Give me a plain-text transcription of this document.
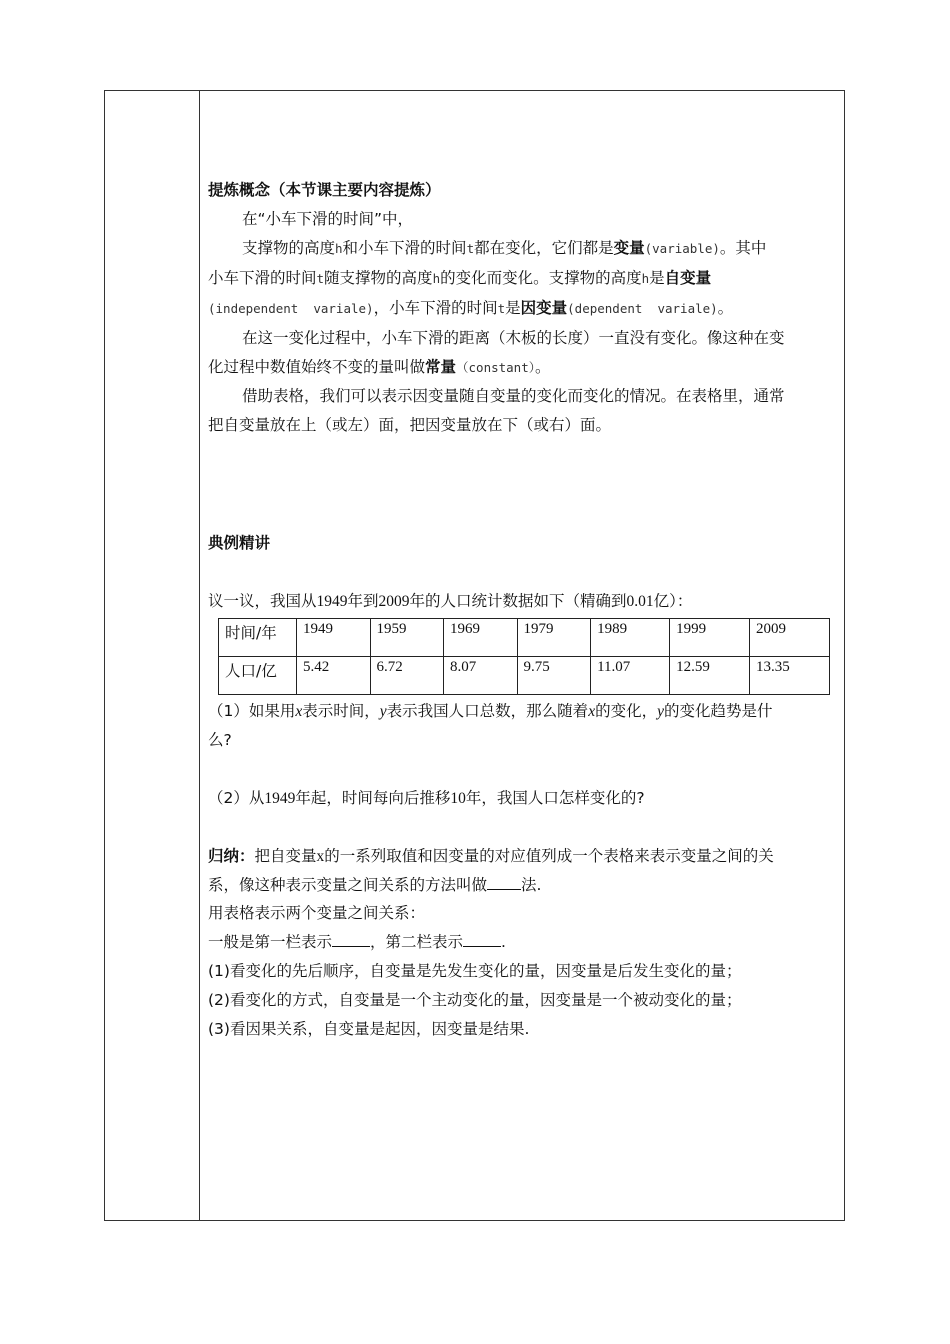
提炼概念（本节课主要内容提炼）
在“小车下滑的时间”中，
支撑物的高度h和小车下滑的时间t都在变化，它们都是变量(variable)。其中
小车下滑的时间t随支撑物的高度h的变化而变化。支撑物的高度h是自变量
(independent  variale)，小车下滑的时间t是因变量(dependent  variale)。
在这一变化过程中，小车下滑的距离（木板的长度）一直没有变化。像这种在变
化过程中数值始终不变的量叫做常量（constant）。
借助表格，我们可以表示因变量随自变量的变化而变化的情况。在表格里，通常
把自变量放在上（或左）面，把因变量放在下（或右）面。
典例精讲
议一议，我国从1949年到2009年的人口统计数据如下（精确到0.01亿）：
时间/年	1949	1959	1969	1979	1989	1999	2009
人口/亿	5.42	6.72	8.07	9.75	11.07	12.59	13.35
（1）如果用x表示时间，y表示我国人口总数，那么随着x的变化，y的变化趋势是什
么?
（2）从1949年起，时间每向后推移10年，我国人口怎样变化的?
归纳：把自变量x的一系列取值和因变量的对应值列成一个表格来表示变量之间的关
系，像这种表示变量之间关系的方法叫做 法.
用表格表示两个变量之间关系：
一般是第一栏表示 ，第二栏表示 .
(1)看变化的先后顺序，自变量是先发生变化的量，因变量是后发生变化的量；
(2)看变化的方式，自变量是一个主动变化的量，因变量是一个被动变化的量；
(3)看因果关系，自变量是起因，因变量是结果.
